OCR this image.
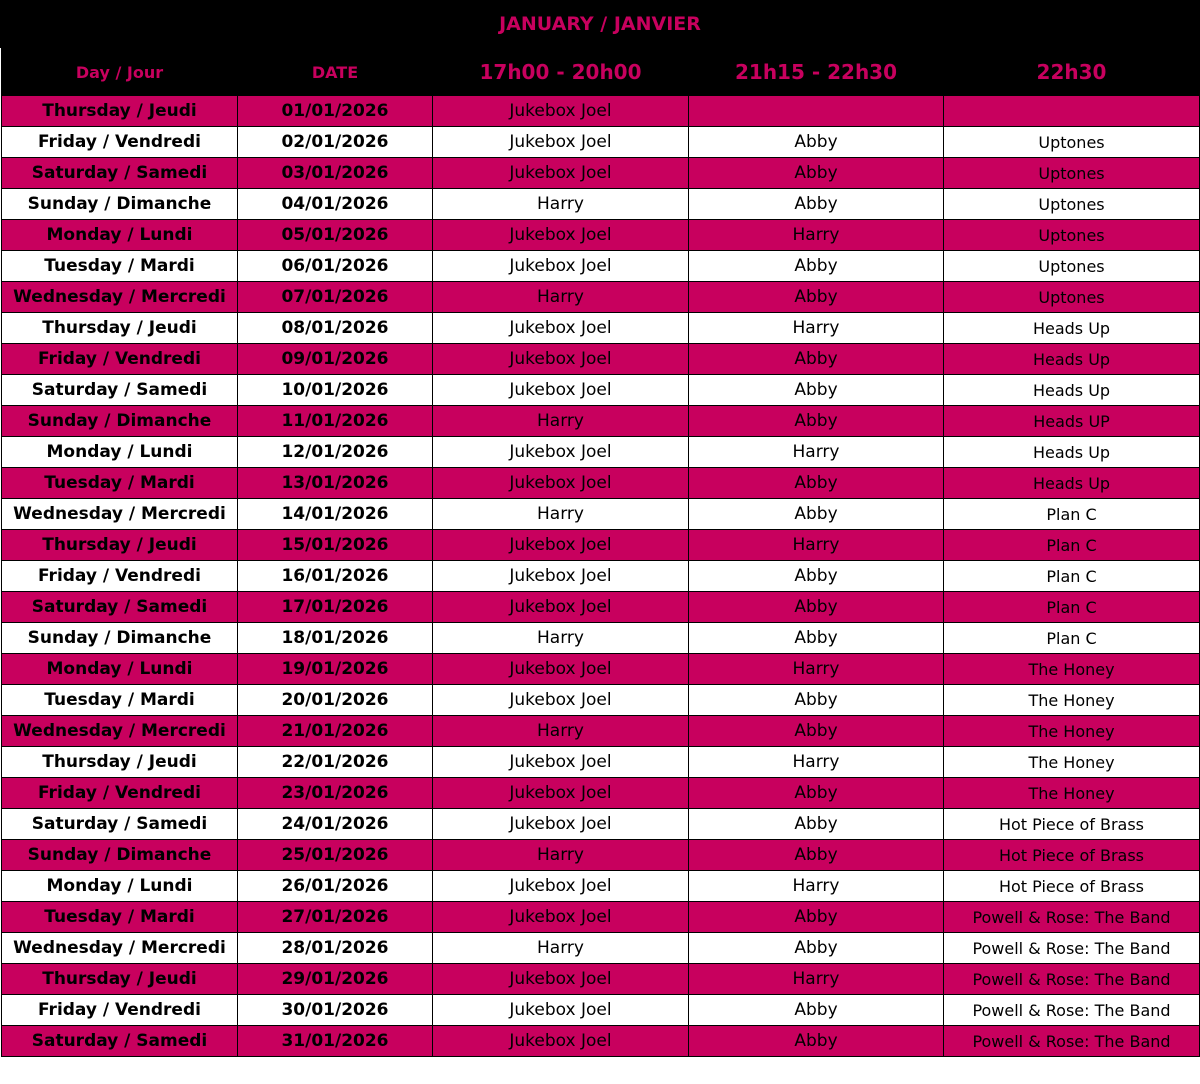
JANUARY / JANVIER
Day / Jour	DATE	17h00 - 20h00	21h15 - 22h30	22h30
Thursday / Jeudi	01/01/2026	Jukebox Joel		
Friday / Vendredi	02/01/2026	Jukebox Joel	Abby	Uptones
Saturday / Samedi	03/01/2026	Jukebox Joel	Abby	Uptones
Sunday / Dimanche	04/01/2026	Harry	Abby	Uptones
Monday / Lundi	05/01/2026	Jukebox Joel	Harry	Uptones
Tuesday / Mardi	06/01/2026	Jukebox Joel	Abby	Uptones
Wednesday / Mercredi	07/01/2026	Harry	Abby	Uptones
Thursday / Jeudi	08/01/2026	Jukebox Joel	Harry	Heads Up
Friday / Vendredi	09/01/2026	Jukebox Joel	Abby	Heads Up
Saturday / Samedi	10/01/2026	Jukebox Joel	Abby	Heads Up
Sunday / Dimanche	11/01/2026	Harry	Abby	Heads UP
Monday / Lundi	12/01/2026	Jukebox Joel	Harry	Heads Up
Tuesday / Mardi	13/01/2026	Jukebox Joel	Abby	Heads Up
Wednesday / Mercredi	14/01/2026	Harry	Abby	Plan C
Thursday / Jeudi	15/01/2026	Jukebox Joel	Harry	Plan C
Friday / Vendredi	16/01/2026	Jukebox Joel	Abby	Plan C
Saturday / Samedi	17/01/2026	Jukebox Joel	Abby	Plan C
Sunday / Dimanche	18/01/2026	Harry	Abby	Plan C
Monday / Lundi	19/01/2026	Jukebox Joel	Harry	The Honey
Tuesday / Mardi	20/01/2026	Jukebox Joel	Abby	The Honey
Wednesday / Mercredi	21/01/2026	Harry	Abby	The Honey
Thursday / Jeudi	22/01/2026	Jukebox Joel	Harry	The Honey
Friday / Vendredi	23/01/2026	Jukebox Joel	Abby	The Honey
Saturday / Samedi	24/01/2026	Jukebox Joel	Abby	Hot Piece of Brass
Sunday / Dimanche	25/01/2026	Harry	Abby	Hot Piece of Brass
Monday / Lundi	26/01/2026	Jukebox Joel	Harry	Hot Piece of Brass
Tuesday / Mardi	27/01/2026	Jukebox Joel	Abby	Powell & Rose: The Band
Wednesday / Mercredi	28/01/2026	Harry	Abby	Powell & Rose: The Band
Thursday / Jeudi	29/01/2026	Jukebox Joel	Harry	Powell & Rose: The Band
Friday / Vendredi	30/01/2026	Jukebox Joel	Abby	Powell & Rose: The Band
Saturday / Samedi	31/01/2026	Jukebox Joel	Abby	Powell & Rose: The Band
